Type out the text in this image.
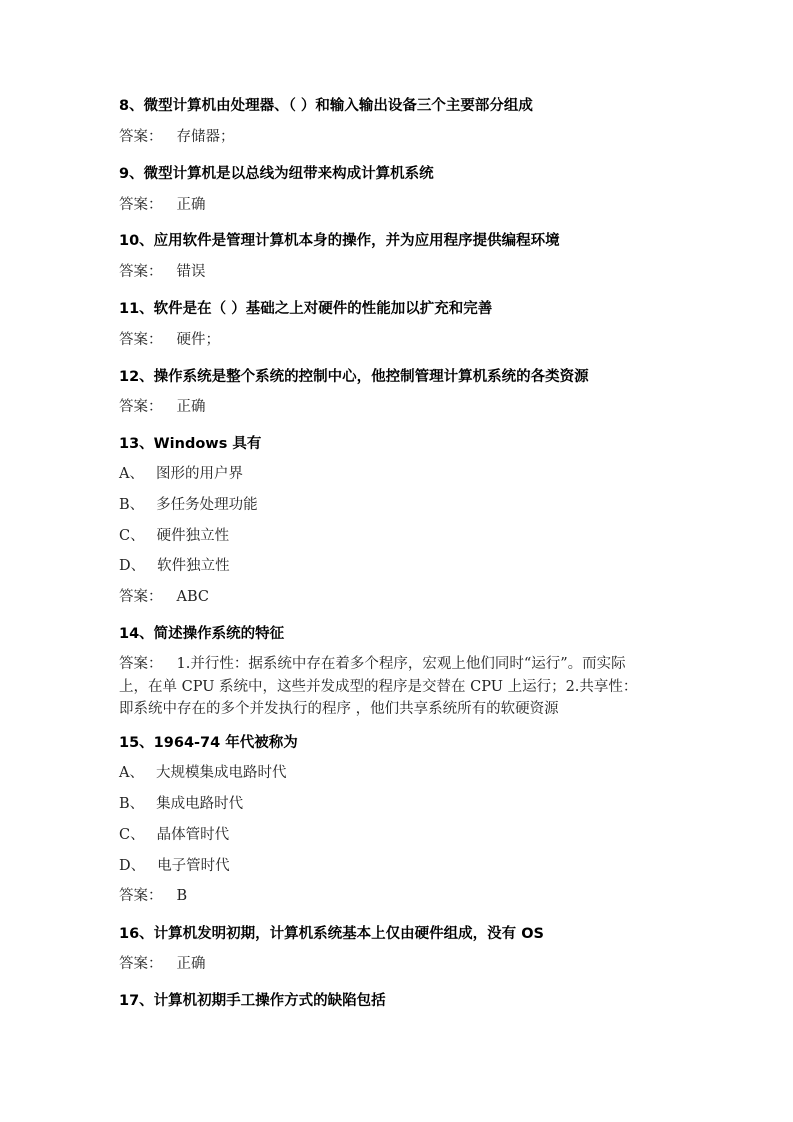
8、微型计算机由处理器、（ ）和输入输出设备三个主要部分组成
答案： 存储器；
9、微型计算机是以总线为纽带来构成计算机系统
答案： 正确
10、应用软件是管理计算机本身的操作，并为应用程序提供编程环境
答案： 错误
11、软件是在（ ）基础之上对硬件的性能加以扩充和完善
答案： 硬件；
12、操作系统是整个系统的控制中心，他控制管理计算机系统的各类资源
答案： 正确
13、Windows 具有
A、 图形的用户界
B、 多任务处理功能
C、 硬件独立性
D、 软件独立性
答案： ABC
14、简述操作系统的特征
答案： 1.并行性：据系统中存在着多个程序，宏观上他们同时“运行”。而实际上，在单 CPU 系统中，这些并发成型的程序是交替在 CPU 上运行；2.共享性：即系统中存在的多个并发执行的程序 ，他们共享系统所有的软硬资源
15、1964-74 年代被称为
A、 大规模集成电路时代
B、 集成电路时代
C、 晶体管时代
D、 电子管时代
答案： B
16、计算机发明初期，计算机系统基本上仅由硬件组成，没有 OS
答案： 正确
17、计算机初期手工操作方式的缺陷包括
